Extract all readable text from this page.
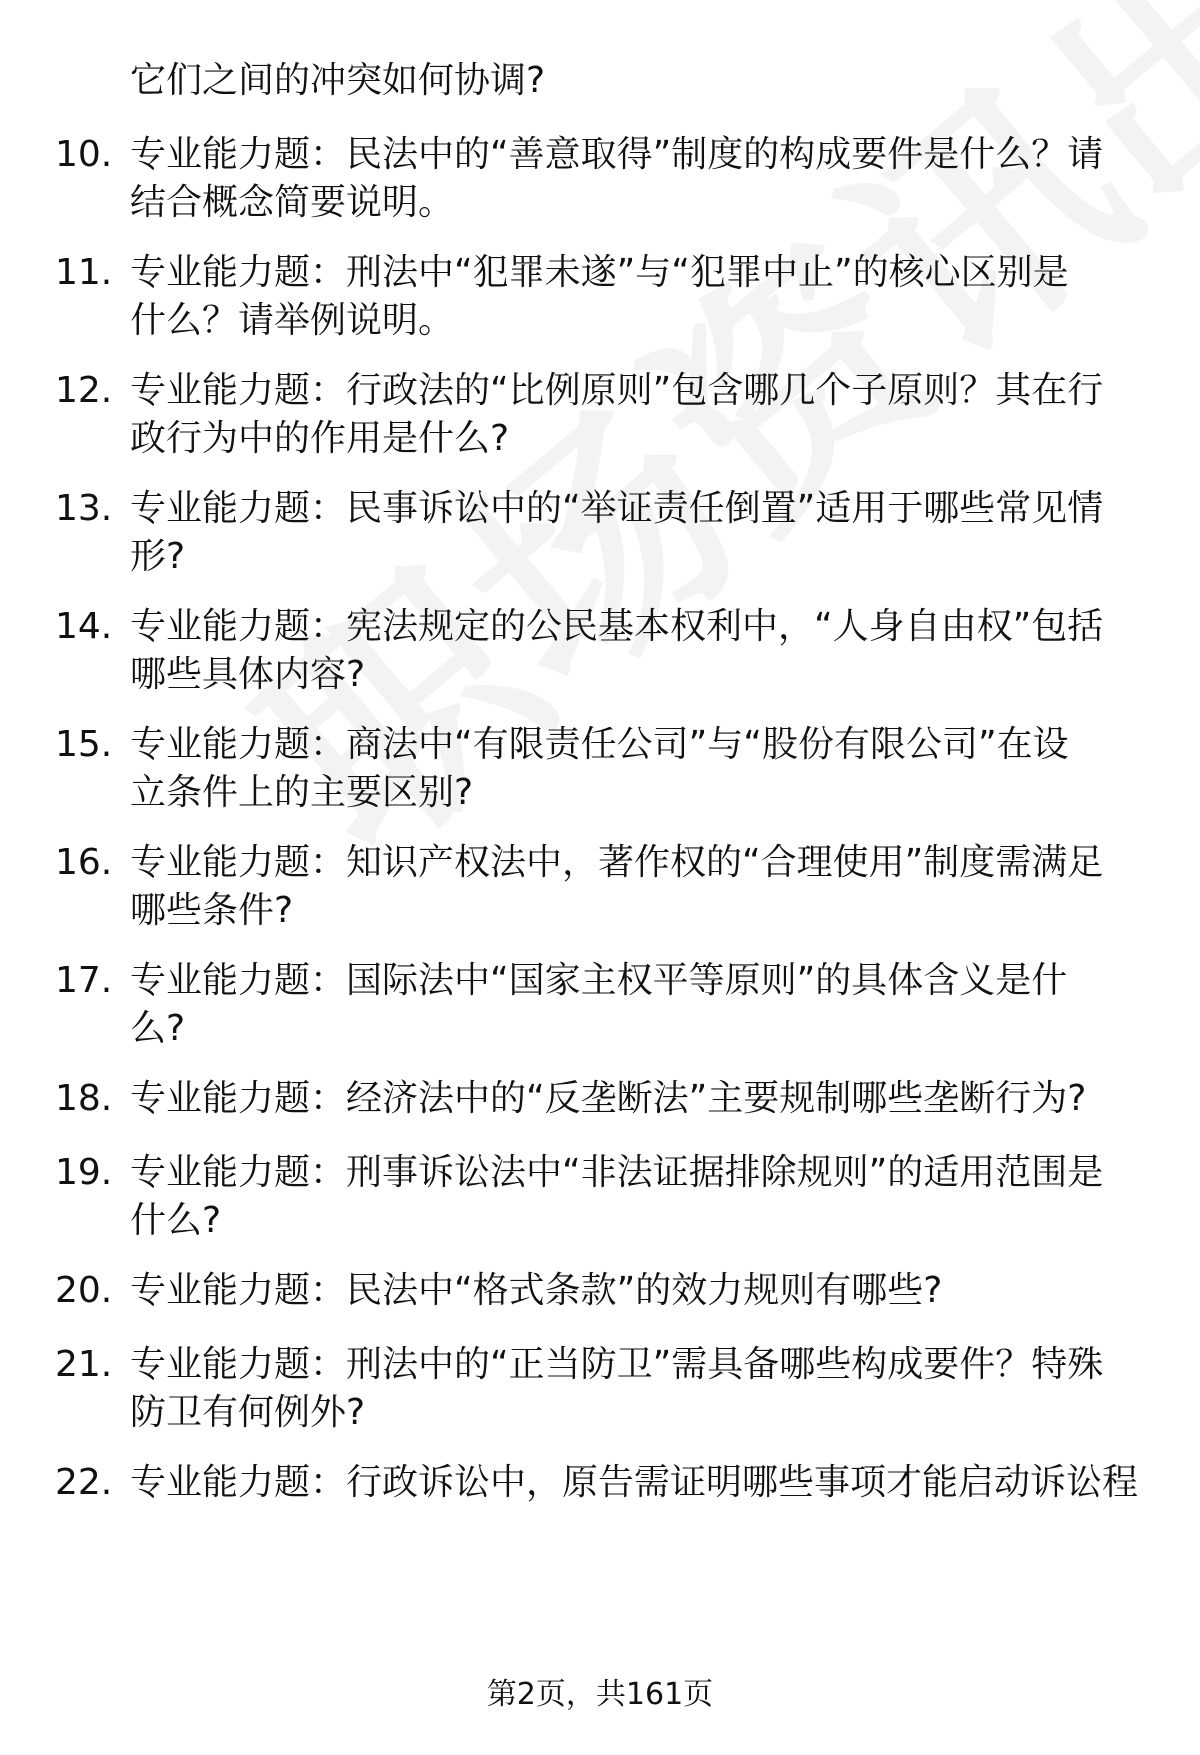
它们之间的冲突如何协调?
10. 专业能力题：民法中的“善意取得”制度的构成要件是什么？请
结合概念简要说明。
11. 专业能力题：刑法中“犯罪未遂”与“犯罪中止”的核心区别是
什么？请举例说明。
12. 专业能力题：行政法的“比例原则”包含哪几个子原则？其在行
政行为中的作用是什么?
13. 专业能力题：民事诉讼中的“举证责任倒置”适用于哪些常见情
形?
14. 专业能力题：宪法规定的公民基本权利中，“人身自由权”包括
哪些具体内容?
15. 专业能力题：商法中“有限责任公司”与“股份有限公司”在设
立条件上的主要区别?
16. 专业能力题：知识产权法中，著作权的“合理使用”制度需满足
哪些条件?
17. 专业能力题：国际法中“国家主权平等原则”的具体含义是什
么?
18. 专业能力题：经济法中的“反垄断法”主要规制哪些垄断行为?
19. 专业能力题：刑事诉讼法中“非法证据排除规则”的适用范围是
什么?
20. 专业能力题：民法中“格式条款”的效力规则有哪些?
21. 专业能力题：刑法中的“正当防卫”需具备哪些构成要件？特殊
防卫有何例外?
22. 专业能力题：行政诉讼中，原告需证明哪些事项才能启动诉讼程
第2页，共161页
